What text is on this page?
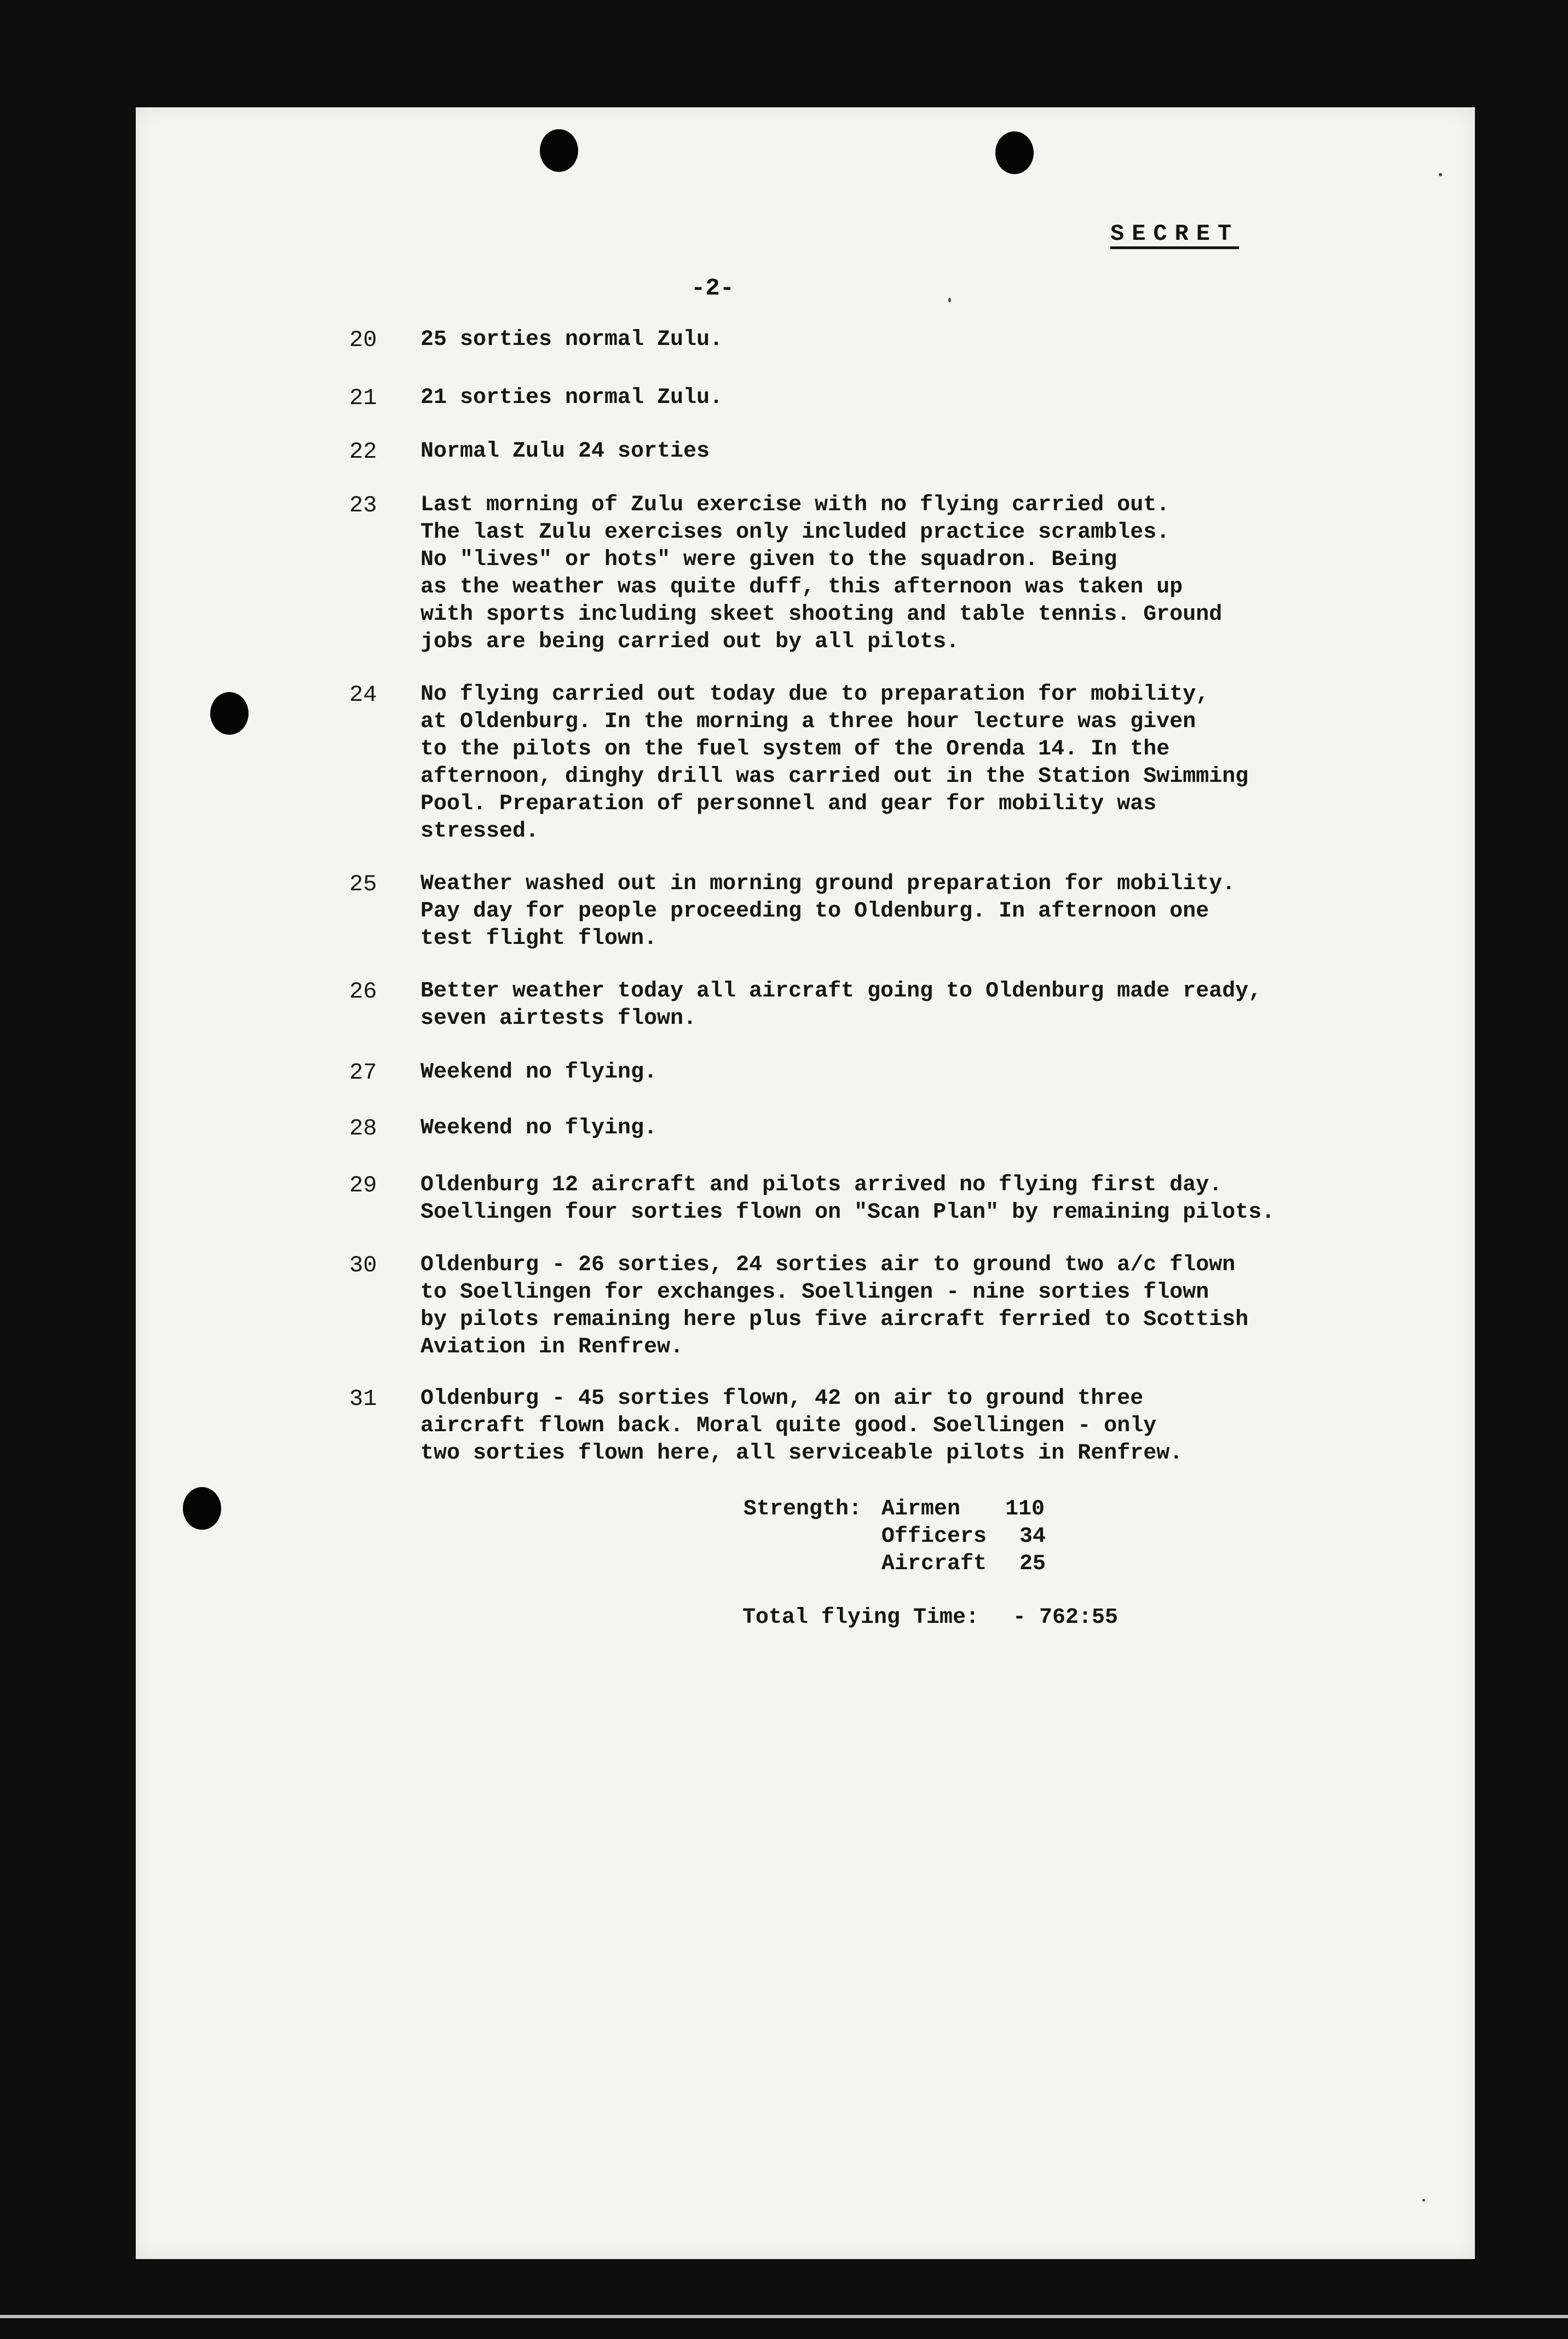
SECRET
-2-
20 25 sorties normal Zulu.
21 21 sorties normal Zulu.
22 Normal Zulu 24 sorties
23 Last morning of Zulu exercise with no flying carried out.
The last Zulu exercises only included practice scrambles.
No "lives" or hots" were given to the squadron. Being
as the weather was quite duff, this afternoon was taken up
with sports including skeet shooting and table tennis. Ground
jobs are being carried out by all pilots.
24 No flying carried out today due to preparation for mobility,
at Oldenburg. In the morning a three hour lecture was given
to the pilots on the fuel system of the Orenda 14. In the
afternoon, dinghy drill was carried out in the Station Swimming
Pool. Preparation of personnel and gear for mobility was
stressed.
25 Weather washed out in morning ground preparation for mobility.
Pay day for people proceeding to Oldenburg. In afternoon one
test flight flown.
26 Better weather today all aircraft going to Oldenburg made ready,
seven airtests flown.
27 Weekend no flying.
28 Weekend no flying.
29 Oldenburg 12 aircraft and pilots arrived no flying first day.
Soellingen four sorties flown on "Scan Plan" by remaining pilots.
30 Oldenburg - 26 sorties, 24 sorties air to ground two a/c flown
to Soellingen for exchanges. Soellingen - nine sorties flown
by pilots remaining here plus five aircraft ferried to Scottish
Aviation in Renfrew.
31 Oldenburg - 45 sorties flown, 42 on air to ground three
aircraft flown back. Moral quite good. Soellingen - only
two sorties flown here, all serviceable pilots in Renfrew.
Strength: Airmen 110
Officers 34
Aircraft 25
Total flying Time: - 762:55
